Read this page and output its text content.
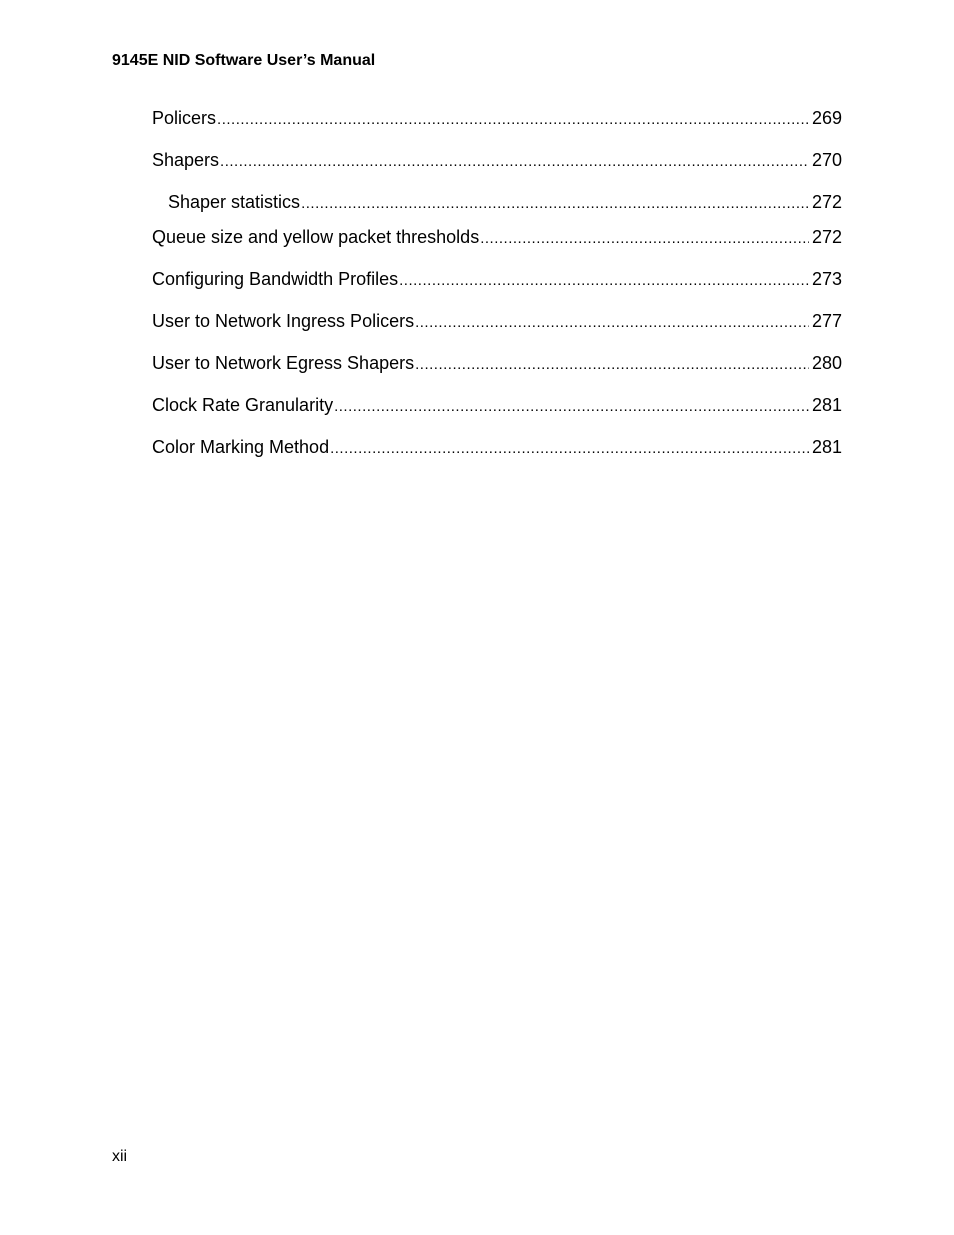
9145E NID Software User’s Manual
Policers .....	269
Shapers .....	270
Shaper statistics .....	272
Queue size and yellow packet thresholds .....	272
Configuring Bandwidth Profiles .....	273
User to Network Ingress Policers .....	277
User to Network Egress Shapers .....	280
Clock Rate Granularity .....	281
Color Marking Method .....	281
xii
